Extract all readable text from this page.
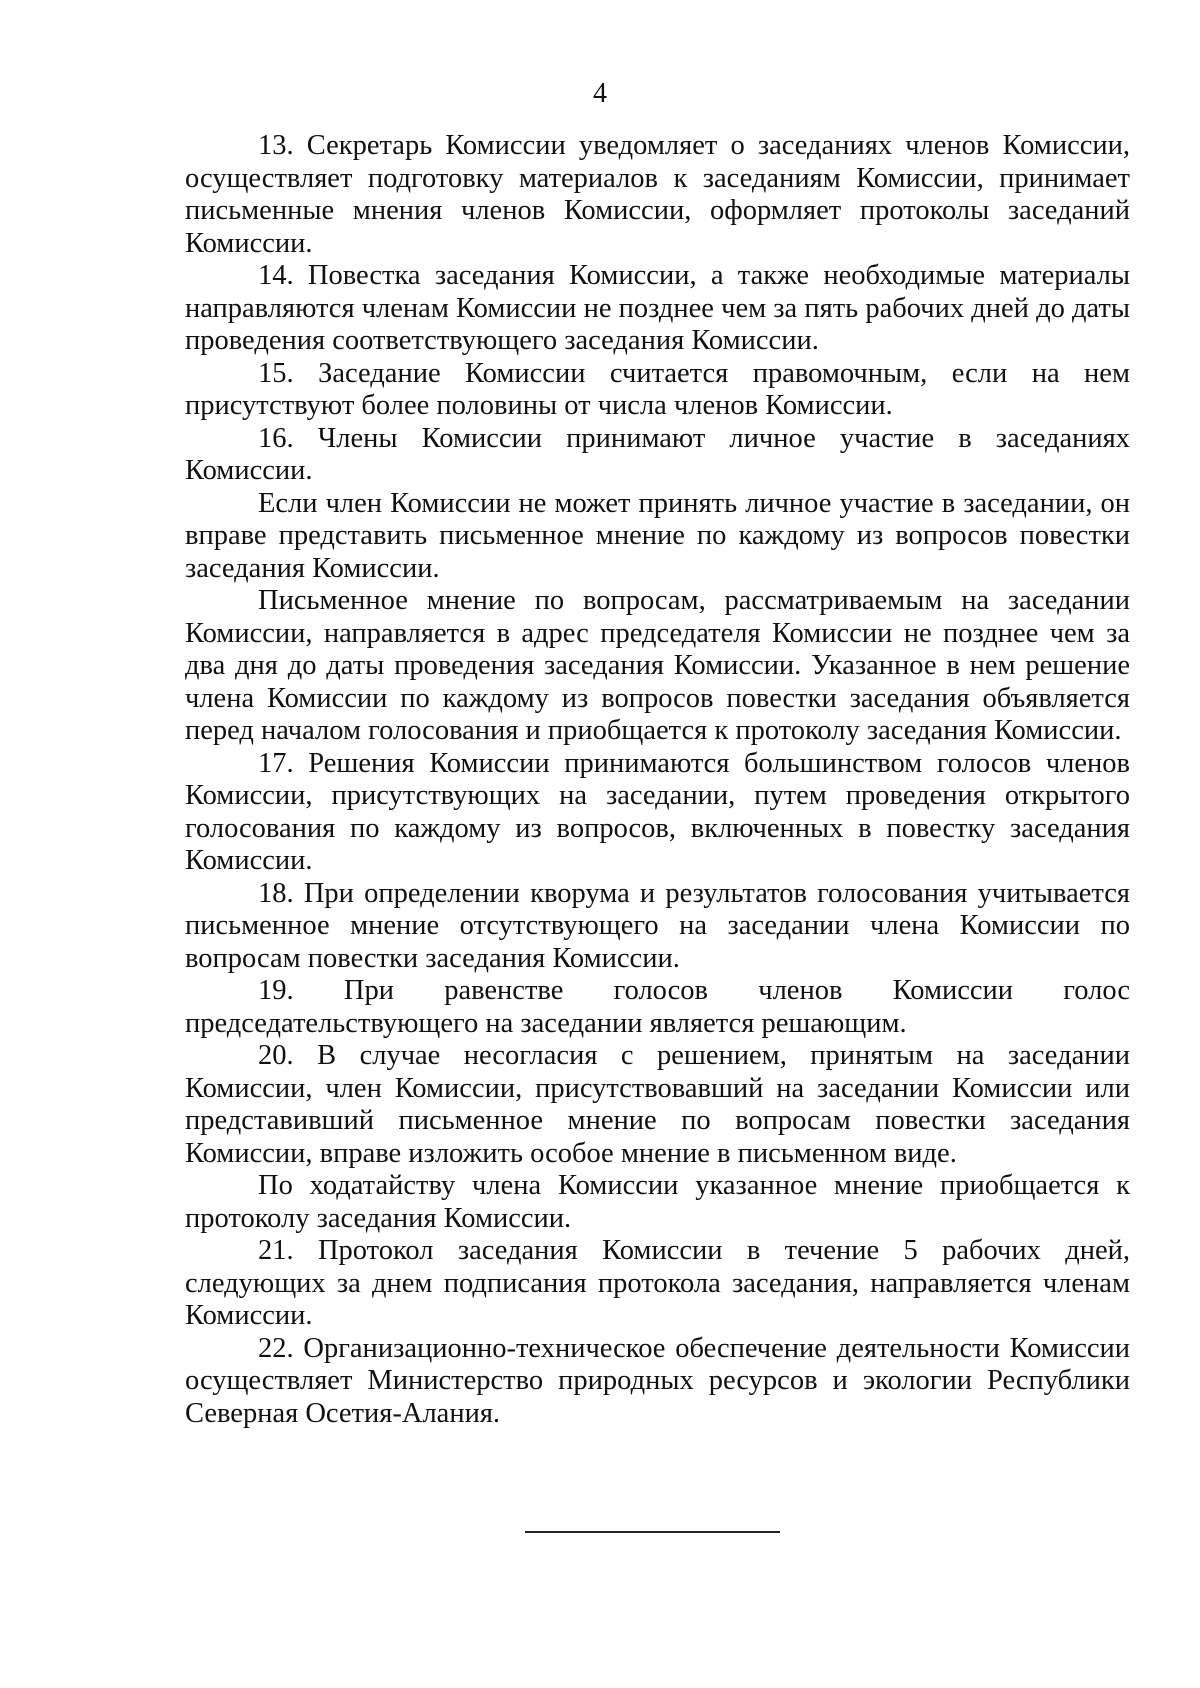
4

13. Секретарь Комиссии уведомляет о заседаниях членов Комиссии, осуществляет подготовку материалов к заседаниям Комиссии, принимает письменные мнения членов Комиссии, оформляет протоколы заседаний Комиссии.

14. Повестка заседания Комиссии, а также необходимые материалы направляются членам Комиссии не позднее чем за пять рабочих дней до даты проведения соответствующего заседания Комиссии.

15. Заседание Комиссии считается правомочным, если на нем присутствуют более половины от числа членов Комиссии.

16. Члены Комиссии принимают личное участие в заседаниях Комиссии.

Если член Комиссии не может принять личное участие в заседании, он вправе представить письменное мнение по каждому из вопросов повестки заседания Комиссии.

Письменное мнение по вопросам, рассматриваемым на заседании Комиссии, направляется в адрес председателя Комиссии не позднее чем за два дня до даты проведения заседания Комиссии. Указанное в нем решение члена Комиссии по каждому из вопросов повестки заседания объявляется перед началом голосования и приобщается к протоколу заседания Комиссии.

17. Решения Комиссии принимаются большинством голосов членов Комиссии, присутствующих на заседании, путем проведения открытого голосования по каждому из вопросов, включенных в повестку заседания Комиссии.

18. При определении кворума и результатов голосования учитывается письменное мнение отсутствующего на заседании члена Комиссии по вопросам повестки заседания Комиссии.

19. При равенстве голосов членов Комиссии голос председательствующего на заседании является решающим.

20. В случае несогласия с решением, принятым на заседании Комиссии, член Комиссии, присутствовавший на заседании Комиссии или представивший письменное мнение по вопросам повестки заседания Комиссии, вправе изложить особое мнение в письменном виде.

По ходатайству члена Комиссии указанное мнение приобщается к протоколу заседания Комиссии.

21. Протокол заседания Комиссии в течение 5 рабочих дней, следующих за днем подписания протокола заседания, направляется членам Комиссии.

22. Организационно-техническое обеспечение деятельности Комиссии осуществляет Министерство природных ресурсов и экологии Республики Северная Осетия-Алания.
